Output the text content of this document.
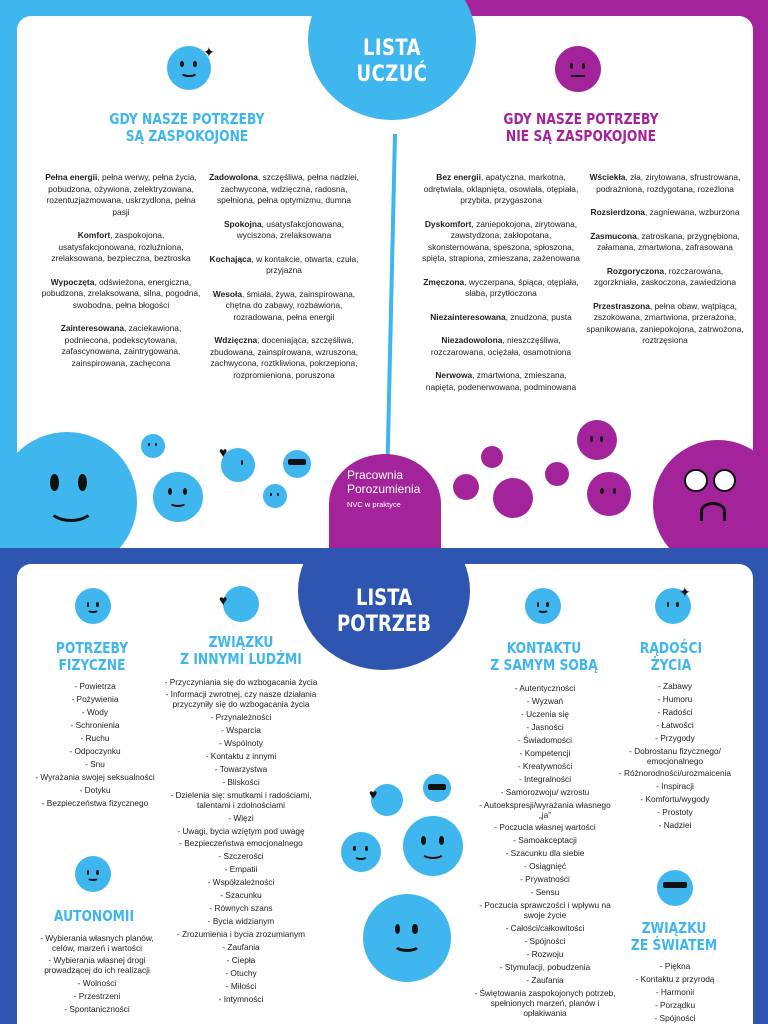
✦
GDY NASZE POTRZEBY
SĄ ZASPOKOJONE
GDY NASZE POTRZEBY
NIE SĄ ZASPOKOJONE
Pełna energii, pełna werwy, pełna życia, pobudzona, ożywiona, zelektryzowana, rozentuzjazmowana, uskrzydlona, pełna pasji
Komfort, zaspokojona, usatysfakcjonowana, rozluźniona, zrelaksowana, bezpieczna, beztroska
Wypoczęta, odświeżona, energiczna, pobudzona, zrelaksowana, silna, pogodna, swobodna, pełna błogości
Zainteresowana, zaciekawiona, podniecona, podekscytowana, zafascynowana, zaintrygowana, zainspirowana, zachęcona
Zadowolona, szczęśliwa, pełna nadziei, zachwycona, wdzięczna, radosna, spełniona, pełna optymizmu, dumna
Spokojna, usatysfakcjonowana, wyciszona, zrelaksowana
Kochająca, w kontakcie, otwarta, czuła, przyjazna
Wesoła, śmiała, żywa, zainspirowana, chętna do zabawy, rozbawiona, rozradowana, pełna energii
Wdzięczna, doceniająca, szczęśliwa, zbudowana, zainspirowana, wzruszona, zachwycona, roztkliwiona, pokrzepiona, rozpromieniona, poruszona
Bez energii, apatyczna, markotna, odrętwiała, oklapnięta, osowiała, otępiała, przybita, przygaszona
Dyskomfort, zaniepokojona, zirytowana, zawstydzona, zakłopotana, skonsternowana, speszona, spłoszona, spięta, strapiona, zmieszana, zażenowana
Zmęczona, wyczerpana, śpiąca, otępiała, słaba, przytłoczona
Niezainteresowana, znudzona, pusta
Niezadowolona, nieszczęśliwa, rozczarowana, ociężała, osamotniona
Nerwowa, zmartwiona, zmieszana, napięta, podenerwowana, podminowana
Wściekła, zła, zirytowana, sfrustrowana, podrażniona, rozdygotana, rozeźlona
Rozsierdzona, zagniewana, wzburzona
Zasmucona, zatroskana, przygnębiona, załamana, zmartwiona, zafrasowana
Rozgoryczona, rozczarowana, zgorzkniała, zaskoczona, zawiedziona
Przestraszona, pełna obaw, wątpiąca, zszokowana, zmartwiona, przerażona, spanikowana, zaniepokojona, zatrwożona, roztrzęsiona
♥
Pracownia
Porozumienia
NVC w praktyce
LISTA
UCZUĆ
♥	✦
POTRZEBY
FIZYCZNE
ZWIĄZKU
Z INNYMI LUDŹMI
KONTAKTU
Z SAMYM SOBĄ
RĄDOŚCI
ŻYCIA
- Powietrza
- Pożywienia
- Wody
- Schronienia
- Ruchu
- Odpoczynku
- Snu
- Wyrażania swojej seksualności
- Dotyku
- Bezpieczeństwa fizycznego
- Przyczyniania się do wzbogacania życia
- Informacji zwrotnej, czy nasze działania przyczyniły się do wzbogacania życia
- Przynależności
- Wsparcia
- Wspólnoty
- Kontaktu z innymi
- Towarzystwa
- Bliskości
- Dzielenia się: smutkami i radościami, talentami i zdolnościami
- Więzi
- Uwagi, bycia wziętym pod uwagę
- Bezpieczeństwa emocjonalnego
- Szczerości
- Empatii
- Współzależności
- Szacunku
- Równych szans
- Bycia widzianym
- Zrozumienia i bycia zrozumianym
- Zaufania
- Ciepła
- Otuchy
- Miłości
- Intymności
- Autentyczności
- Wyzwań
- Uczenia się
- Jasności
- Świadomości
- Kompetencji
- Kreatywności
- Integralności
- Samorozwoju/ wzrostu
- Autoekspresji/wyrażania własnego „ja”
- Poczucia własnej wartości
- Samoakceptacji
- Szacunku dla siebie
- Osiągnięć
- Prywatności
- Sensu
- Poczucia sprawczości i wpływu na swoje życie
- Całości/całkowitości
- Spójności
- Rozwoju
- Stymulacji, pobudzenia
- Zaufania
- Świętowania zaspokojonych potrzeb, spełnionych marzeń, planów i opłakiwania
- Zabawy
- Humoru
- Radości
- Łatwości
- Przygody
- Dobrostanu fizycznego/ emocjonalnego
- Różnorodności/urozmaicenia
- Inspiracji
- Komfortu/wygody
- Prostoty
- Nadziei
AUTONOMII
- Wybierania własnych planów, celów, marzeń i wartości
- Wybierania własnej drogi prowadzącej do ich realizacji
- Wolności
- Przestrzeni
- Spontaniczności
ZWIĄZKU
ZE ŚWIATEM
- Piękna
- Kontaktu z przyrodą
- Harmonii
- Porządku
- Spójności
♥
LISTA
POTRZEB
